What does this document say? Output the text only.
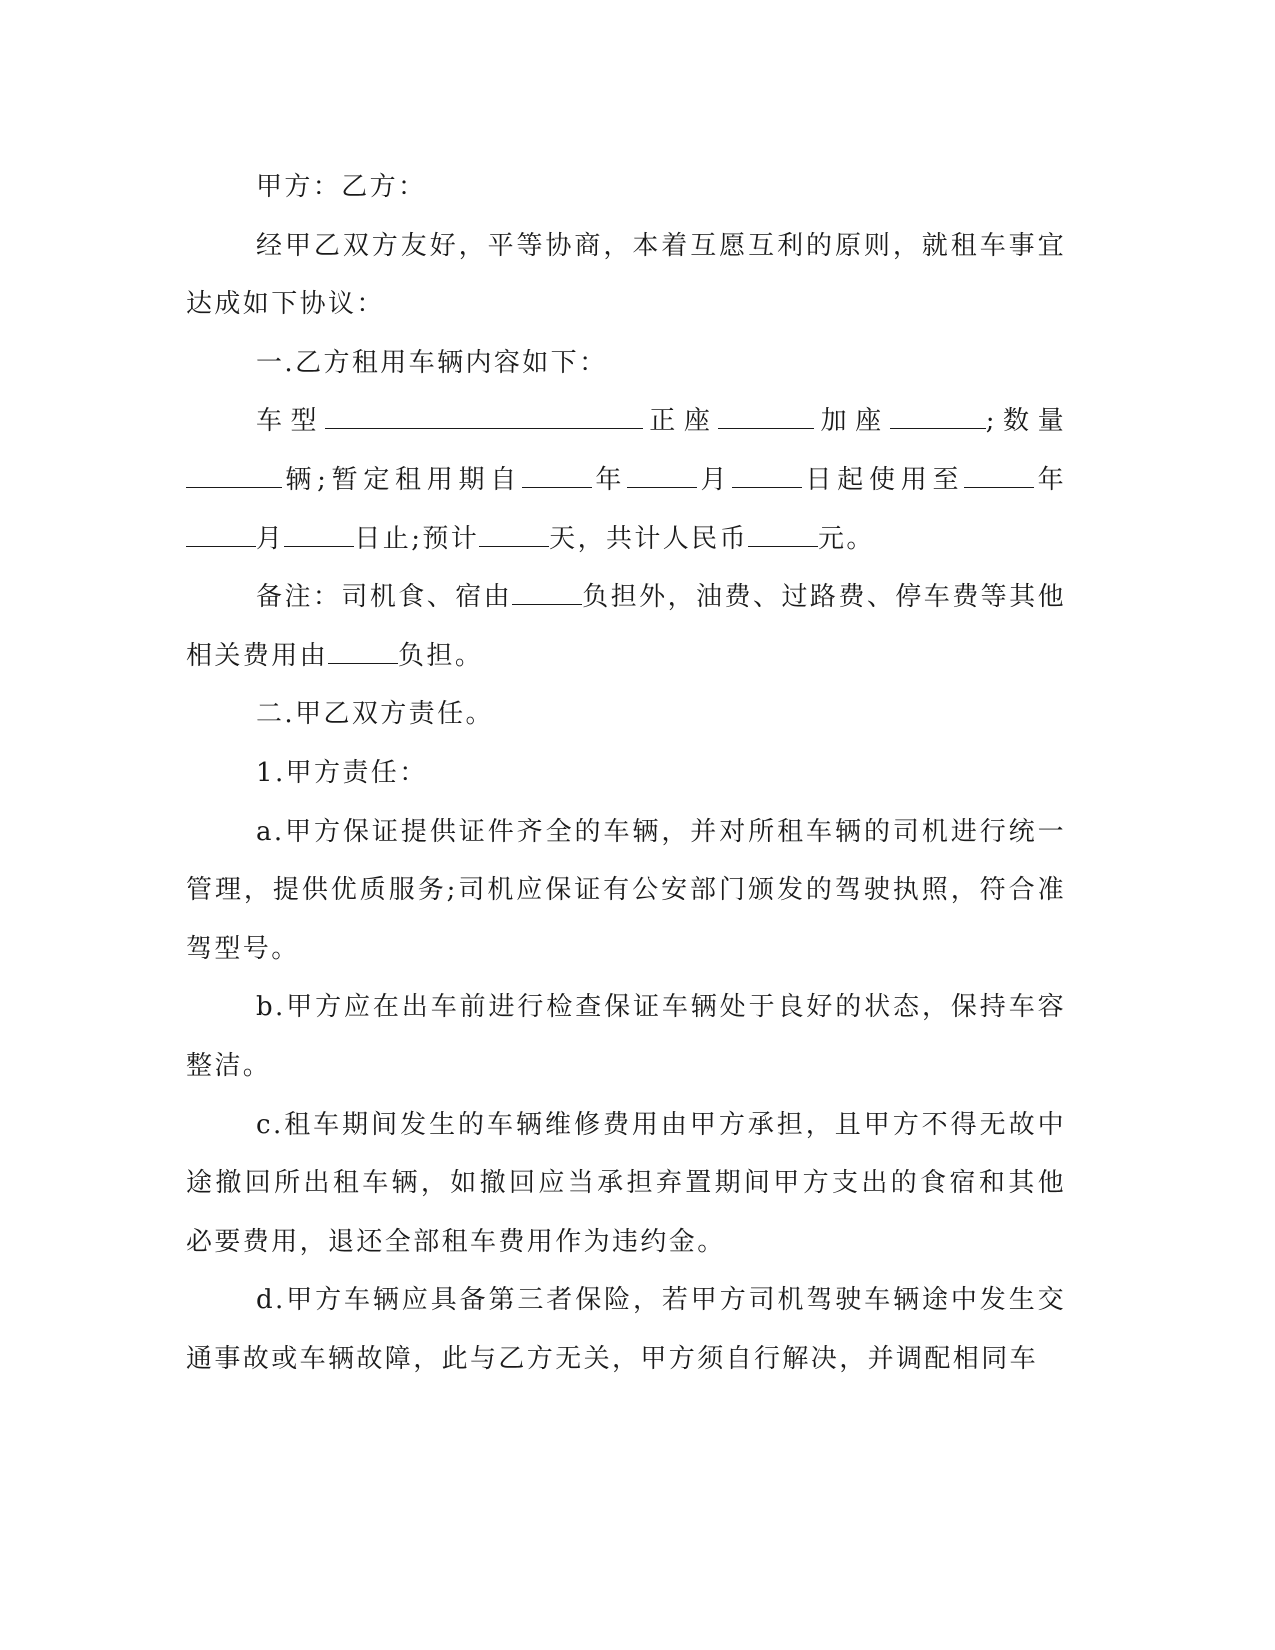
甲方：乙方：

经甲乙双方友好，平等协商，本着互愿互利的原则，就租车事宜达成如下协议：

一.乙方租用车辆内容如下：

车型	正座	加座	;数量辆;暂定租用期自	年	月	日起使用至	年月	日止;预计	天，共计人民币	元。

备注：司机食、宿由	负担外，油费、过路费、停车费等其他相关费用由	负担。

二.甲乙双方责任。

1.甲方责任：

a.甲方保证提供证件齐全的车辆，并对所租车辆的司机进行统一管理，提供优质服务;司机应保证有公安部门颁发的驾驶执照，符合准驾型号。

b.甲方应在出车前进行检查保证车辆处于良好的状态，保持车容整洁。

c.租车期间发生的车辆维修费用由甲方承担，且甲方不得无故中途撤回所出租车辆，如撤回应当承担弃置期间甲方支出的食宿和其他必要费用，退还全部租车费用作为违约金。

d.甲方车辆应具备第三者保险，若甲方司机驾驶车辆途中发生交通事故或车辆故障，此与乙方无关，甲方须自行解决，并调配相同车
